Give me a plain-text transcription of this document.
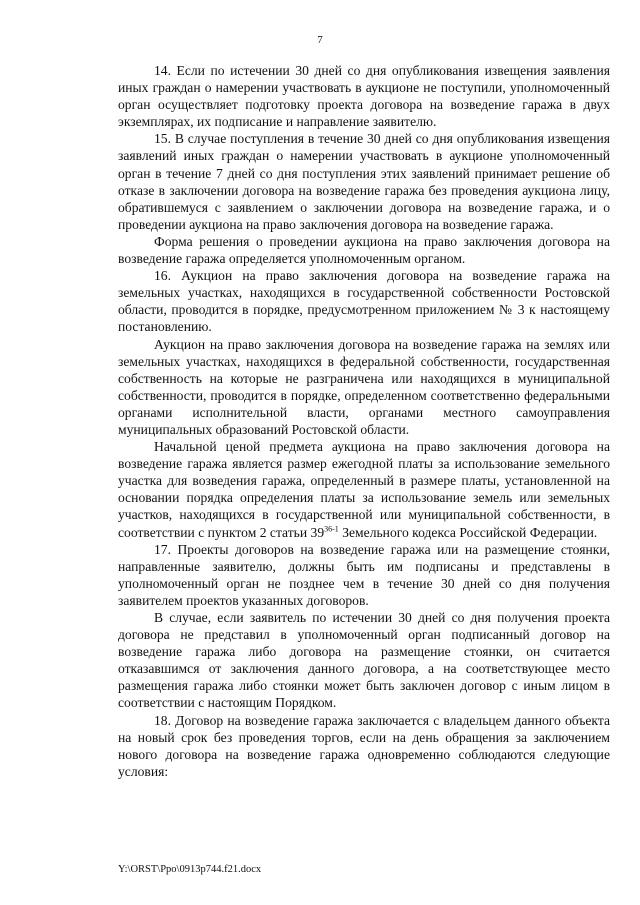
7

14. Если по истечении 30 дней со дня опубликования извещения заявления иных граждан о намерении участвовать в аукционе не поступили, уполномоченный орган осуществляет подготовку проекта договора на возведение гаража в двух экземплярах, их подписание и направление заявителю.

15. В случае поступления в течение 30 дней со дня опубликования извещения заявлений иных граждан о намерении участвовать в аукционе уполномоченный орган в течение 7 дней со дня поступления этих заявлений принимает решение об отказе в заключении договора на возведение гаража без проведения аукциона лицу, обратившемуся с заявлением о заключении договора на возведение гаража, и о проведении аукциона на право заключения договора на возведение гаража.

Форма решения о проведении аукциона на право заключения договора на возведение гаража определяется уполномоченным органом.

16. Аукцион на право заключения договора на возведение гаража на земельных участках, находящихся в государственной собственности Ростовской области, проводится в порядке, предусмотренном приложением № 3 к настоящему постановлению.

Аукцион на право заключения договора на возведение гаража на землях или земельных участках, находящихся в федеральной собственности, государственная собственность на которые не разграничена или находящихся в муниципальной собственности, проводится в порядке, определенном соответственно федеральными органами исполнительной власти, органами местного самоуправления муниципальных образований Ростовской области.

Начальной ценой предмета аукциона на право заключения договора на возведение гаража является размер ежегодной платы за использование земельного участка для возведения гаража, определенный в размере платы, установленной на основании порядка определения платы за использование земель или земельных участков, находящихся в государственной или муниципальной собственности, в соответствии с пунктом 2 статьи 39$^{36-1}$ Земельного кодекса Российской Федерации.

17. Проекты договоров на возведение гаража или на размещение стоянки, направленные заявителю, должны быть им подписаны и представлены в уполномоченный орган не позднее чем в течение 30 дней со дня получения заявителем проектов указанных договоров.

В случае, если заявитель по истечении 30 дней со дня получения проекта договора не представил в уполномоченный орган подписанный договор на возведение гаража либо договора на размещение стоянки, он считается отказавшимся от заключения данного договора, а на соответствующее место размещения гаража либо стоянки может быть заключен договор с иным лицом в соответствии с настоящим Порядком.

18. Договор на возведение гаража заключается с владельцем данного объекта на новый срок без проведения торгов, если на день обращения за заключением нового договора на возведение гаража одновременно соблюдаются следующие условия:

Y:\ORST\Ppo\0913p744.f21.docx
